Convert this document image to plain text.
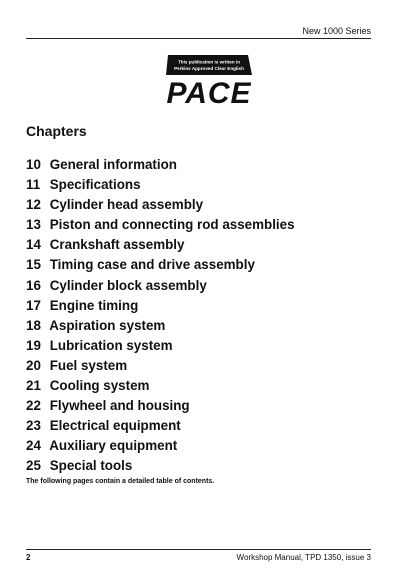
New 1000 Series
This publication is written in
Perkins Approved Clear English
PACE
Chapters
10 General information
11 Specifications
12 Cylinder head assembly
13 Piston and connecting rod assemblies
14 Crankshaft assembly
15 Timing case and drive assembly
16 Cylinder block assembly
17 Engine timing
18 Aspiration system
19 Lubrication system
20 Fuel system
21 Cooling system
22 Flywheel and housing
23 Electrical equipment
24 Auxiliary equipment
25 Special tools
The following pages contain a detailed table of contents.
2	Workshop Manual, TPD 1350, issue 3
